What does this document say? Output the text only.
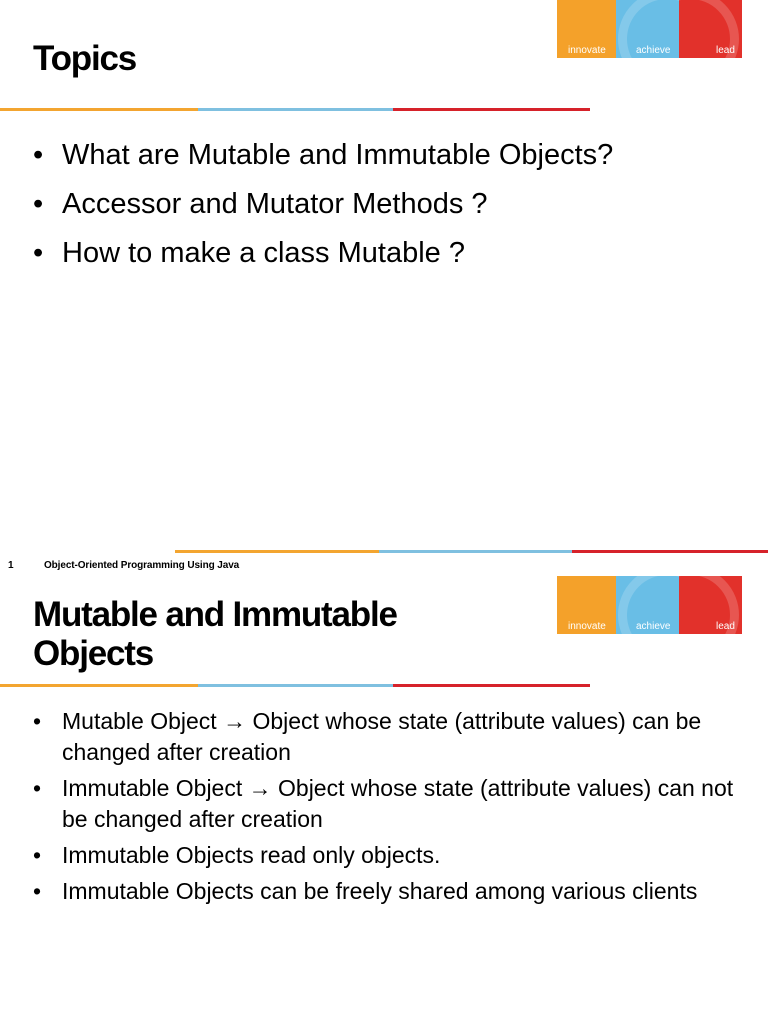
Topics	innovate	achieve	lead
• What are Mutable and Immutable Objects?
• Accessor and Mutator Methods ?
• How to make a class Mutable ?
1	Object-Oriented Programming Using Java
Mutable and Immutable
Objects
innovate	achieve	lead
• Mutable Object → Object whose state (attribute values) can be changed after creation
• Immutable Object → Object whose state (attribute values) can not be changed after creation
• Immutable Objects read only objects.
• Immutable Objects can be freely shared among various clients
